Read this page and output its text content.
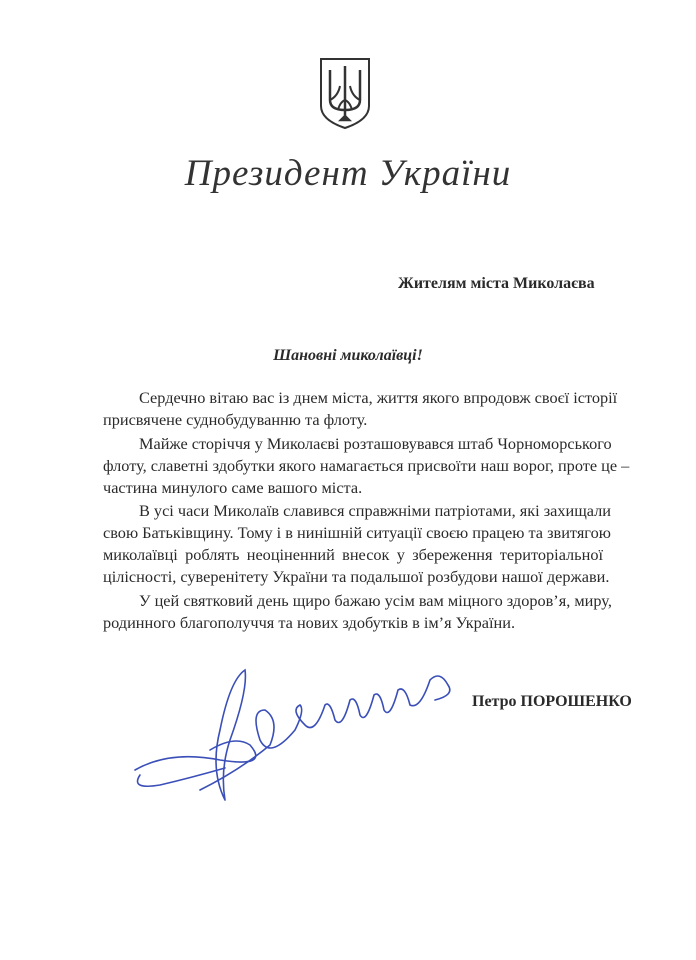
Президент України
Жителям міста Миколаєва
Шановні миколаївці!
Сердечно вітаю вас із днем міста, життя якого впродовж своєї історії
присвячене суднобудуванню та флоту.
Майже сторіччя у Миколаєві розташовувався штаб Чорноморського
флоту, славетні здобутки якого намагається присвоїти наш ворог, проте це –
частина минулого саме вашого міста.
В усі часи Миколаїв славився справжніми патріотами, які захищали
свою Батьківщину. Тому і в нинішній ситуації своєю працею та звитягою
миколаївці роблять неоціненний внесок у збереження територіальної
цілісності, суверенітету України та подальшої розбудови нашої держави.
У цей святковий день щиро бажаю усім вам міцного здоров’я, миру,
родинного благополуччя та нових здобутків в ім’я України.
Петро ПОРОШЕНКО
